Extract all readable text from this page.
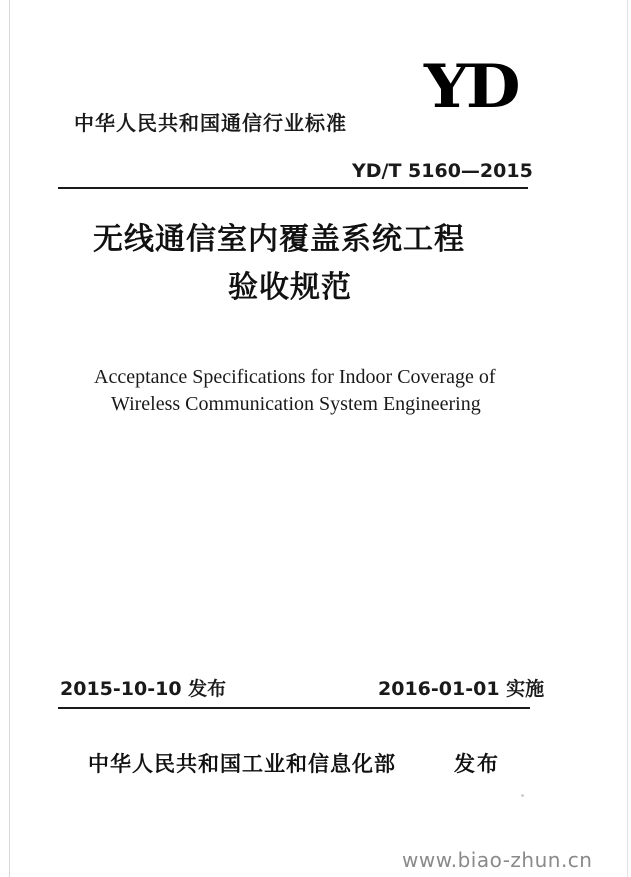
YD
中华人民共和国通信行业标准
YD/T 5160—2015
无线通信室内覆盖系统工程
验收规范
Acceptance Specifications for Indoor Coverage of
Wireless Communication System Engineering
2015-10-10 发布	2016-01-01 实施
中华人民共和国工业和信息化部	发布
www.biao-zhun.cn
